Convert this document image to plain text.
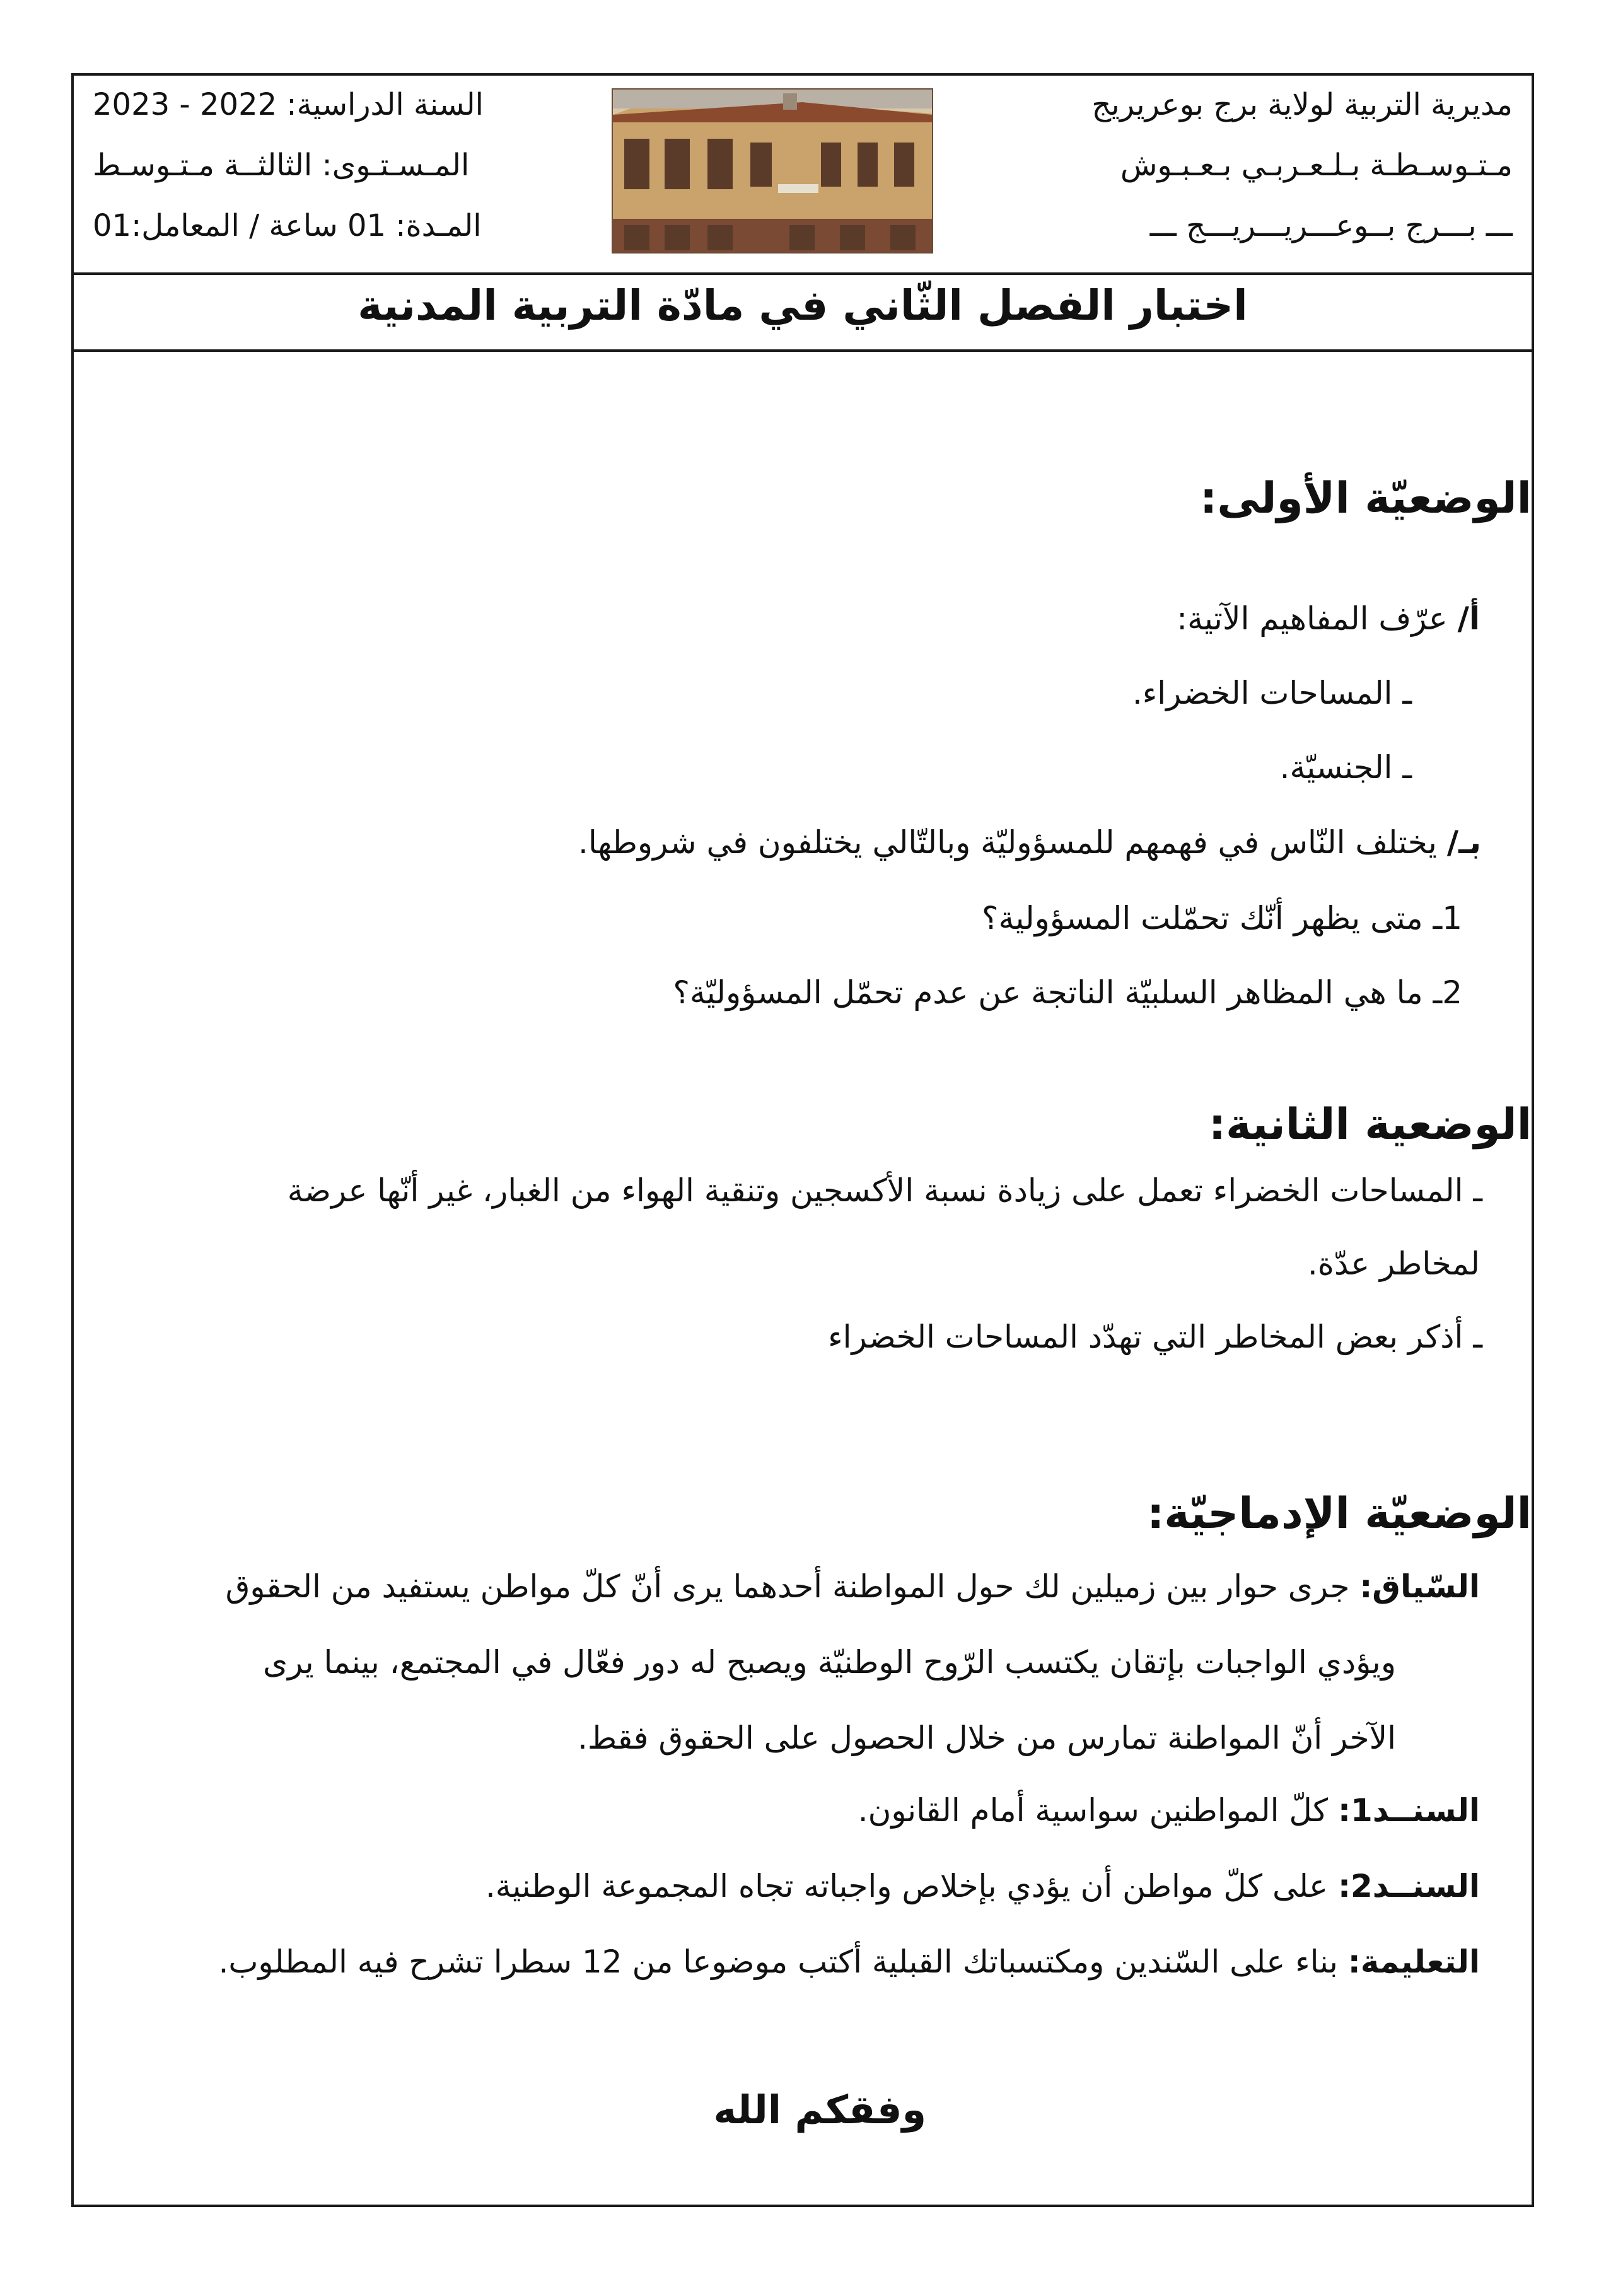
مديرية التربية لولاية برج بوعريريج
مـتـوسـطـة بـلـعـربـي بـعـبـوش
ـــ بـــرج بــوعـــريـــريـــج ـــ
السنة الدراسية: 2022 - 2023
المـسـتـوى: الثالثــة مـتـوسـط
المـدة: 01 ساعة / المعامل:01
اختبار الفصل الثّاني في مادّة التربية المدنية
الوضعيّة الأولى:
أ/ عرّف المفاهيم الآتية:
ـ المساحات الخضراء.
ـ الجنسيّة.
بـ/ يختلف النّاس في فهمهم للمسؤوليّة وبالتّالي يختلفون في شروطها.
1ـ متى يظهر أنّك تحمّلت المسؤولية؟
2ـ ما هي المظاهر السلبيّة الناتجة عن عدم تحمّل المسؤوليّة؟
الوضعية الثانية:
ـ المساحات الخضراء تعمل على زيادة نسبة الأكسجين وتنقية الهواء من الغبار، غير أنّها عرضة
لمخاطر عدّة.
ـ أذكر بعض المخاطر التي تهدّد المساحات الخضراء
الوضعيّة الإدماجيّة:
السّياق: جرى حوار بين زميلين لك حول المواطنة أحدهما يرى أنّ كلّ مواطن يستفيد من الحقوق
ويؤدي الواجبات بإتقان يكتسب الرّوح الوطنيّة ويصبح له دور فعّال في المجتمع، بينما يرى
الآخر أنّ المواطنة تمارس من خلال الحصول على الحقوق فقط.
السنــد1: كلّ المواطنين سواسية أمام القانون.
السنــد2: على كلّ مواطن أن يؤدي بإخلاص واجباته تجاه المجموعة الوطنية.
التعليمة: بناء على السّندين ومكتسباتك القبلية أكتب موضوعا من 12 سطرا تشرح فيه المطلوب.
وفقكم الله
